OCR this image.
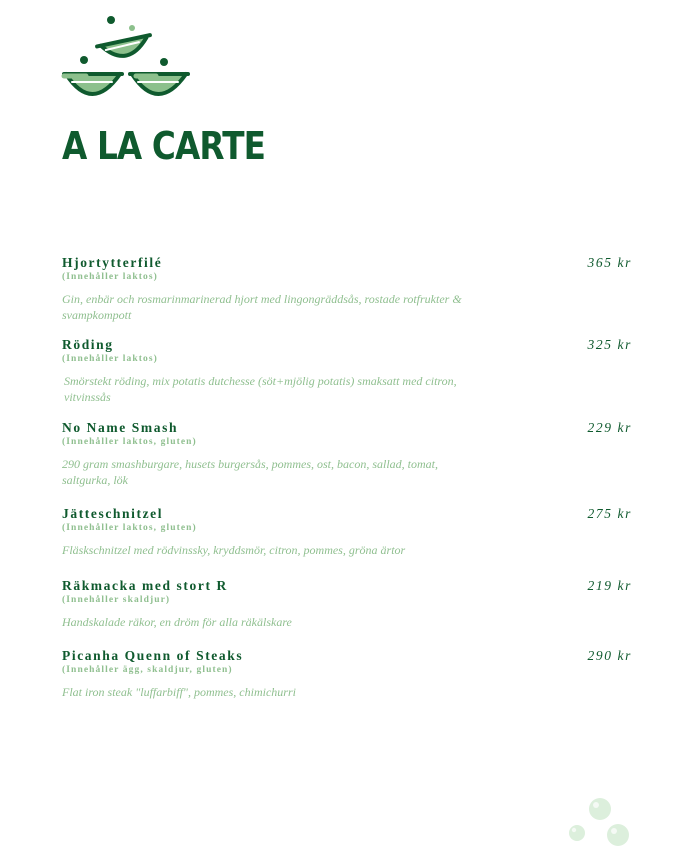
A LA CARTE
Hjortytterfilé
(Innehåller laktos)
Gin, enbär och rosmarinmarinerad hjort med lingongräddsås, rostade rotfrukter & svampkompott
365 kr
Röding
(Innehåller laktos)
Smörstekt röding, mix potatis dutchesse (söt+mjölig potatis) smaksatt med citron, vitvinssås
325 kr
No Name Smash
(Innehåller laktos, gluten)
290 gram smashburgare, husets burgersås, pommes, ost, bacon, sallad, tomat, saltgurka, lök
229 kr
Jätteschnitzel
(Innehåller laktos, gluten)
Fläskschnitzel med rödvinssky, kryddsmör, citron, pommes, gröna ärtor
275 kr
Räkmacka med stort R
(Innehåller skaldjur)
Handskalade räkor, en dröm för alla räkälskare
219 kr
Picanha Quenn of Steaks
(Innehåller ägg, skaldjur, gluten)
Flat iron steak "luffarbiff", pommes, chimichurri
290 kr
